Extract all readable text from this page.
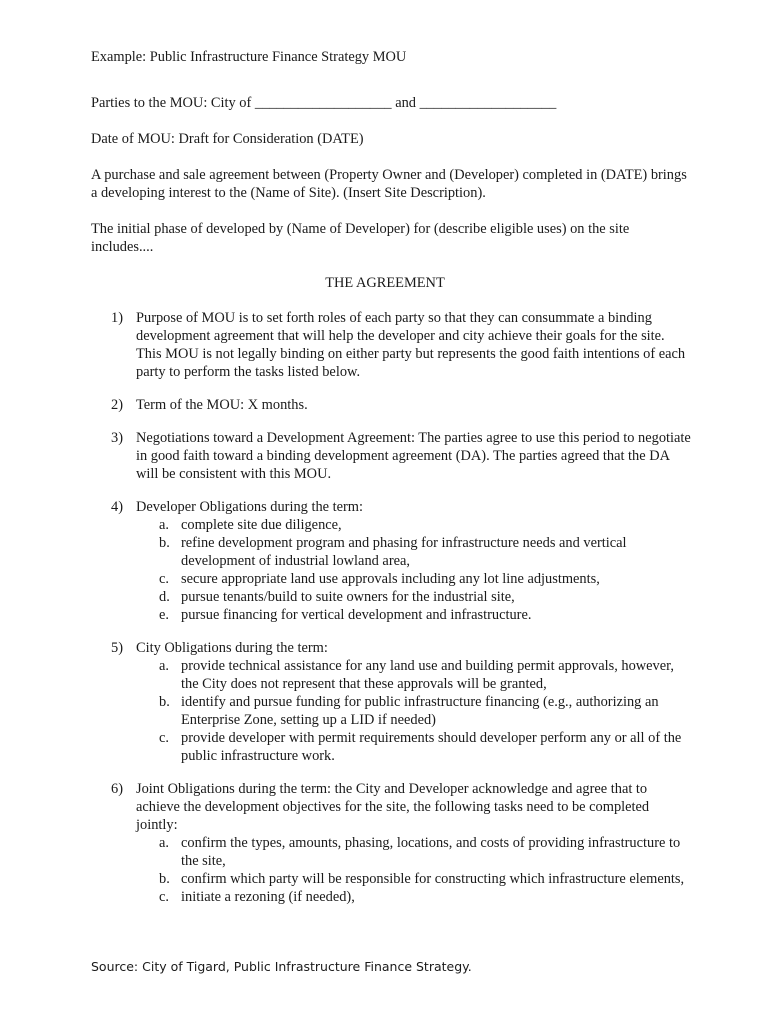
Example: Public Infrastructure Finance Strategy MOU

Parties to the MOU: City of ___________________ and ___________________

Date of MOU: Draft for Consideration (DATE)

A purchase and sale agreement between (Property Owner and (Developer) completed in (DATE) brings a developing interest to the (Name of Site). (Insert Site Description).

The initial phase of developed by (Name of Developer) for (describe eligible uses) on the site includes....

THE AGREEMENT

1) Purpose of MOU is to set forth roles of each party so that they can consummate a binding development agreement that will help the developer and city achieve their goals for the site. This MOU is not legally binding on either party but represents the good faith intentions of each party to perform the tasks listed below.
2) Term of the MOU: X months.
3) Negotiations toward a Development Agreement: The parties agree to use this period to negotiate in good faith toward a binding development agreement (DA). The parties agreed that the DA will be consistent with this MOU.
4) Developer Obligations during the term:
a. complete site due diligence,
b. refine development program and phasing for infrastructure needs and vertical development of industrial lowland area,
c. secure appropriate land use approvals including any lot line adjustments,
d. pursue tenants/build to suite owners for the industrial site,
e. pursue financing for vertical development and infrastructure.
5) City Obligations during the term:
a. provide technical assistance for any land use and building permit approvals, however, the City does not represent that these approvals will be granted,
b. identify and pursue funding for public infrastructure financing (e.g., authorizing an Enterprise Zone, setting up a LID if needed)
c. provide developer with permit requirements should developer perform any or all of the public infrastructure work.
6) Joint Obligations during the term: the City and Developer acknowledge and agree that to achieve the development objectives for the site, the following tasks need to be completed jointly:
a. confirm the types, amounts, phasing, locations, and costs of providing infrastructure to the site,
b. confirm which party will be responsible for constructing which infrastructure elements,
c. initiate a rezoning (if needed),
Source: City of Tigard, Public Infrastructure Finance Strategy.
